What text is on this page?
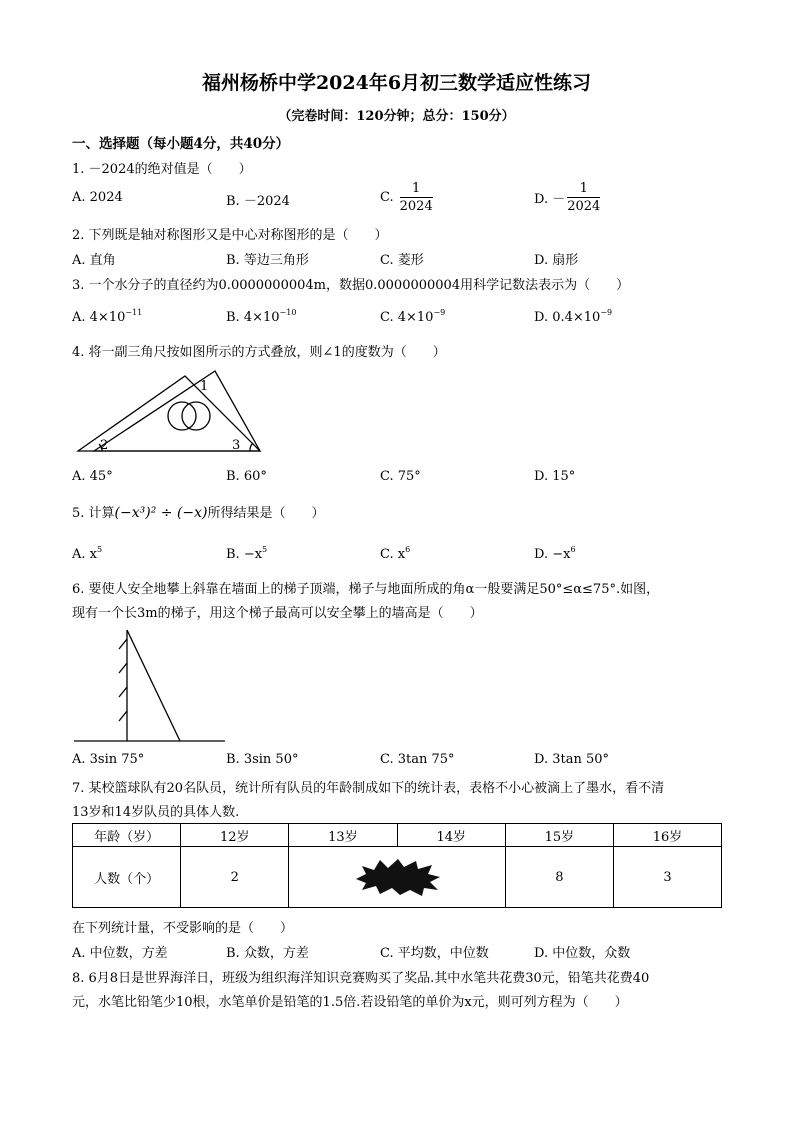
福州杨桥中学2024年6月初三数学适应性练习
（完卷时间：120分钟；总分：150分）
一、选择题（每小题4分，共40分）
1. －2024的绝对值是（　　）
A. 2024	B. －2024	C. $\frac{1}{2024}$	D. － $\frac{1}{2024}$
2. 下列既是轴对称图形又是中心对称图形的是（　　）
A. 直角	B. 等边三角形	C. 菱形	D. 扇形
3. 一个水分子的直径约为0.0000000004m，数据0.0000000004用科学记数法表示为（　　）
A. $4\times 10^{-11}$	B. $4\times 10^{-10}$	C. $4\times 10^{-9}$	D. $0.4\times 10^{-9}$
4. 将一副三角尺按如图所示的方式叠放，则∠1的度数为（　　）
1
2	3
A. 45°	B. 60°	C. 75°	D. 15°
5. 计算(−x³)² ÷ (−x)所得结果是（　　）
A. $x^5$	B. $-x^5$	C. $x^6$	D. $-x^6$
6. 要使人安全地攀上斜靠在墙面上的梯子顶端，梯子与地面所成的角α一般要满足50°≤α≤75°.如图，
现有一个长3m的梯子，用这个梯子最高可以安全攀上的墙高是（　　）
A. 3sin 75°	B. 3sin 50°	C. 3tan 75°	D. 3tan 50°
7. 某校篮球队有20名队员，统计所有队员的年龄制成如下的统计表，表格不小心被滴上了墨水，看不清
13岁和14岁队员的具体人数.
年龄（岁）	12岁	13岁	14岁	15岁	16岁
人数（个）	2			8	3
在下列统计量，不受影响的是（　　）
A. 中位数，方差	B. 众数，方差	C. 平均数，中位数	D. 中位数，众数
8. 6月8日是世界海洋日，班级为组织海洋知识竞赛购买了奖品.其中水笔共花费30元，铅笔共花费40
元，水笔比铅笔少10根，水笔单价是铅笔的1.5倍.若设铅笔的单价为x元，则可列方程为（　　）
